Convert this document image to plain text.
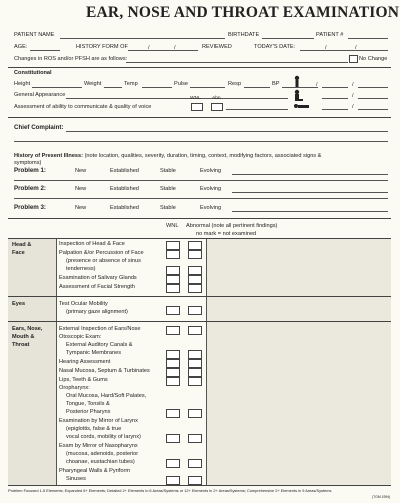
EAR, NOSE AND THROAT EXAMINATION
PATIENT NAME	BIRTHDATE	PATIENT #
AGE:	HISTORY FORM OF	/	/	REVIEWED	TODAY'S DATE:	/	/
Changes in ROS and/or PFSH are as follows:	No Change
Constitutional
Height	Weight	Temp	Pulse	Resp	BP	/	/
General Appearance	/
Assessment of ability to communicate & quality of voice
WNL Abn
/
Chief Complaint:
History of Present Illness: (note location, qualities, severity, duration, timing, context, modifying factors, associated signs &
symptoms)
Problem 1:	New	Established	Stable	Evolving
Problem 2:	New	Established	Stable	Evolving
Problem 3:	New	Established	Stable	Evolving
WNL Abnormal (note all pertinent findings)
no mark = not examined
Head &
Face
Inspection of Head & Face
Palpation &/or Percussion of Face
(presence or absence of sinus
tenderness)
Examination of Salivary Glands
Assessment of Facial Strength
Eyes	Test Ocular Mobility
(primary gaze alignment)
Ears, Nose,
Mouth &
Throat
External Inspection of Ears/Nose
Otoscopic Exam:
External Auditory Canals &
Tympanic Membranes
Hearing Assessment
Nasal Mucosa, Septum & Turbinates
Lips, Teeth & Gums
Oropharynx:
Oral Mucosa, Hard/Soft Palates,
Tongue, Tonsils &
Posterior Pharynx
Examination by Mirror of Larynx
(epiglottis, false & true
vocal cords, mobility of larynx)
Exam by Mirror of Nasopharynx
(mucosa, adenoids, posterior
choanae, eustachian tubes)
Pharyngeal Walls & Pyriform
Sinuses
Problem Focused 1-5 Elements; Expanded 6+ Elements; Detailed 2+ Elements in 6 Areas/Systems or 12+ Elements in 2+ Areas/Systems; Comprehensive 2+ Elements in 9 Areas/Systems
(TGM 1994)
